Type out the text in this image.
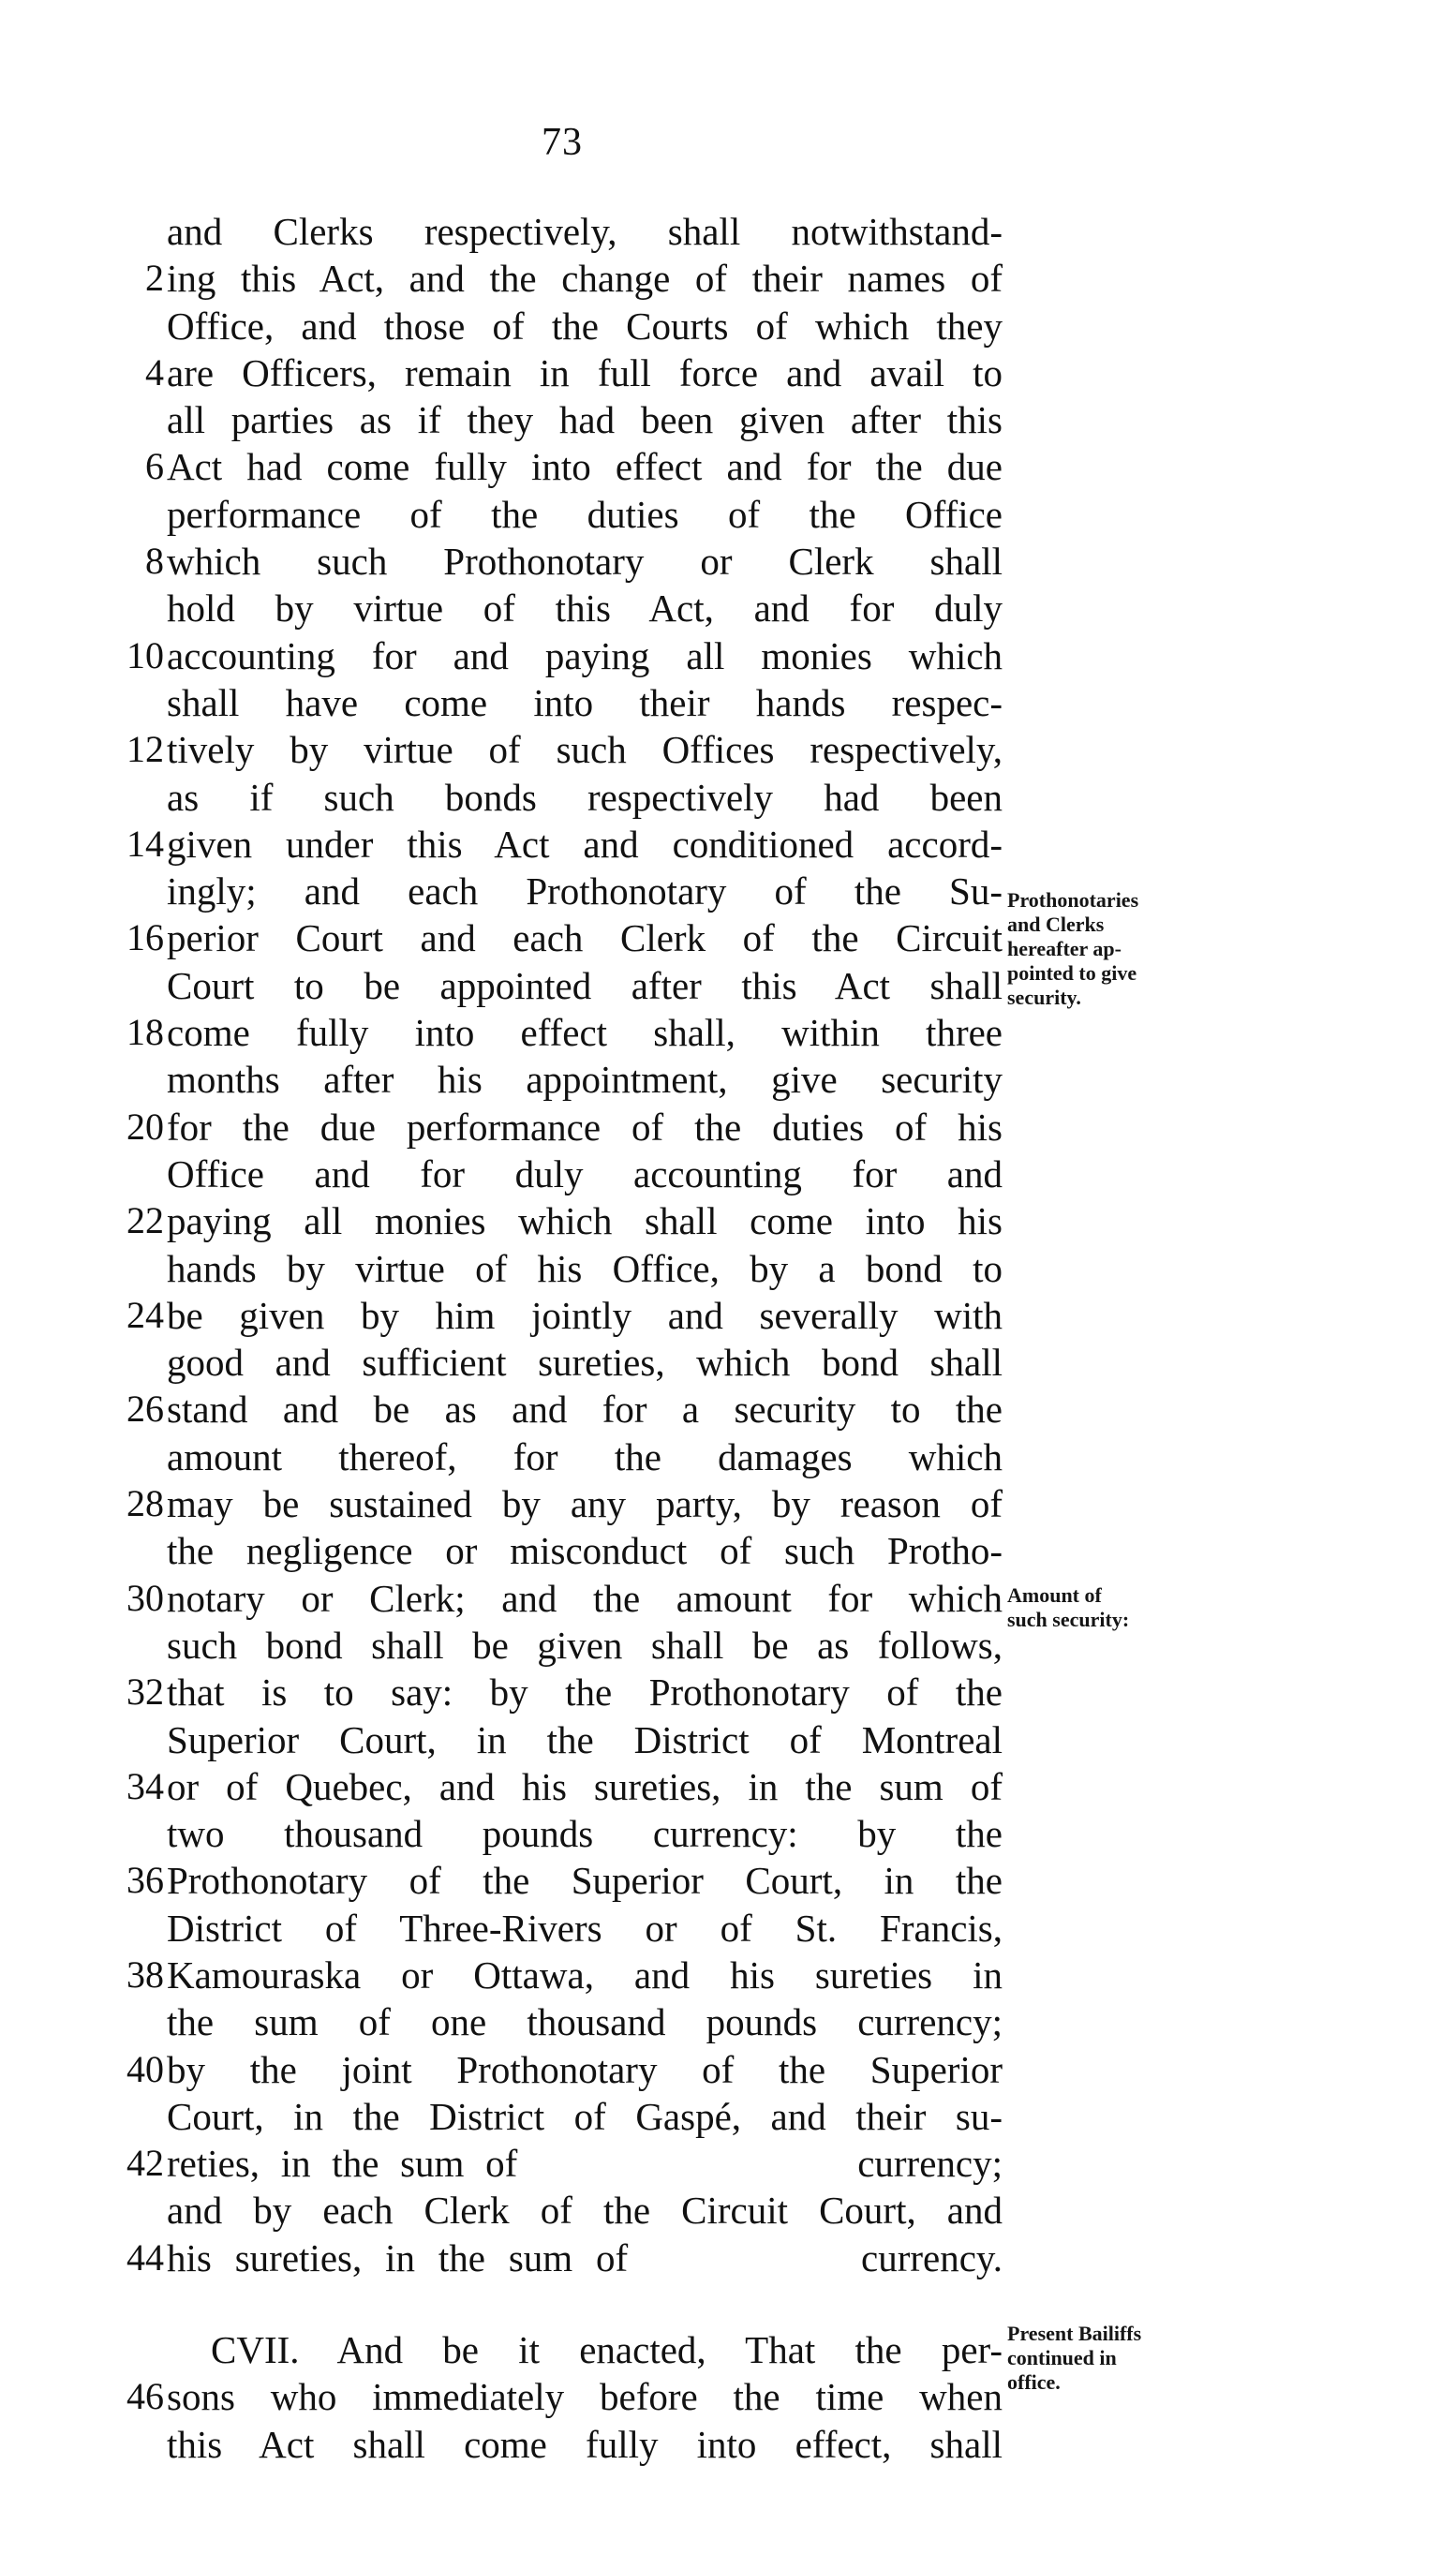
73
and Clerks respectively, shall notwithstand-
2 ing this Act, and the change of their names of
Office, and those of the Courts of which they
4 are Officers, remain in full force and avail to
all parties as if they had been given after this
6 Act had come fully into effect and for the due
performance of the duties of the Office
8 which such Prothonotary or Clerk shall
hold by virtue of this Act, and for duly
10 accounting for and paying all monies which
shall have come into their hands respec-
12 tively by virtue of such Offices respectively,
as if such bonds respectively had been
14 given under this Act and conditioned accord-
ingly; and each Prothonotary of the Su-
16 perior Court and each Clerk of the Circuit
Court to be appointed after this Act shall
18 come fully into effect shall, within three
months after his appointment, give security
20 for the due performance of the duties of his
Office and for duly accounting for and
22 paying all monies which shall come into his
hands by virtue of his Office, by a bond to
24 be given by him jointly and severally with
good and sufficient sureties, which bond shall
26 stand and be as and for a security to the
amount thereof, for the damages which
28 may be sustained by any party, by reason of
the negligence or misconduct of such Protho-
30 notary or Clerk; and the amount for which
such bond shall be given shall be as follows,
32 that is to say: by the Prothonotary of the
Superior Court, in the District of Montreal
34 or of Quebec, and his sureties, in the sum of
two thousand pounds currency: by the
36 Prothonotary of the Superior Court, in the
District of Three-Rivers or of St. Francis,
38 Kamouraska or Ottawa, and his sureties in
the sum of one thousand pounds currency;
40 by the joint Prothonotary of the Superior
Court, in the District of Gaspé, and their su-
42 reties, in the sum of                currency;
and by each Clerk of the Circuit Court, and
44 his sureties, in the sum of          currency.
CVII. And be it enacted, That the per-
46 sons who immediately before the time when
this Act shall come fully into effect, shall
Prothonotaries
and Clerks
hereafter ap-
pointed to give
security.
Amount of
such security:
Present Bailiffs
continued in
office.
